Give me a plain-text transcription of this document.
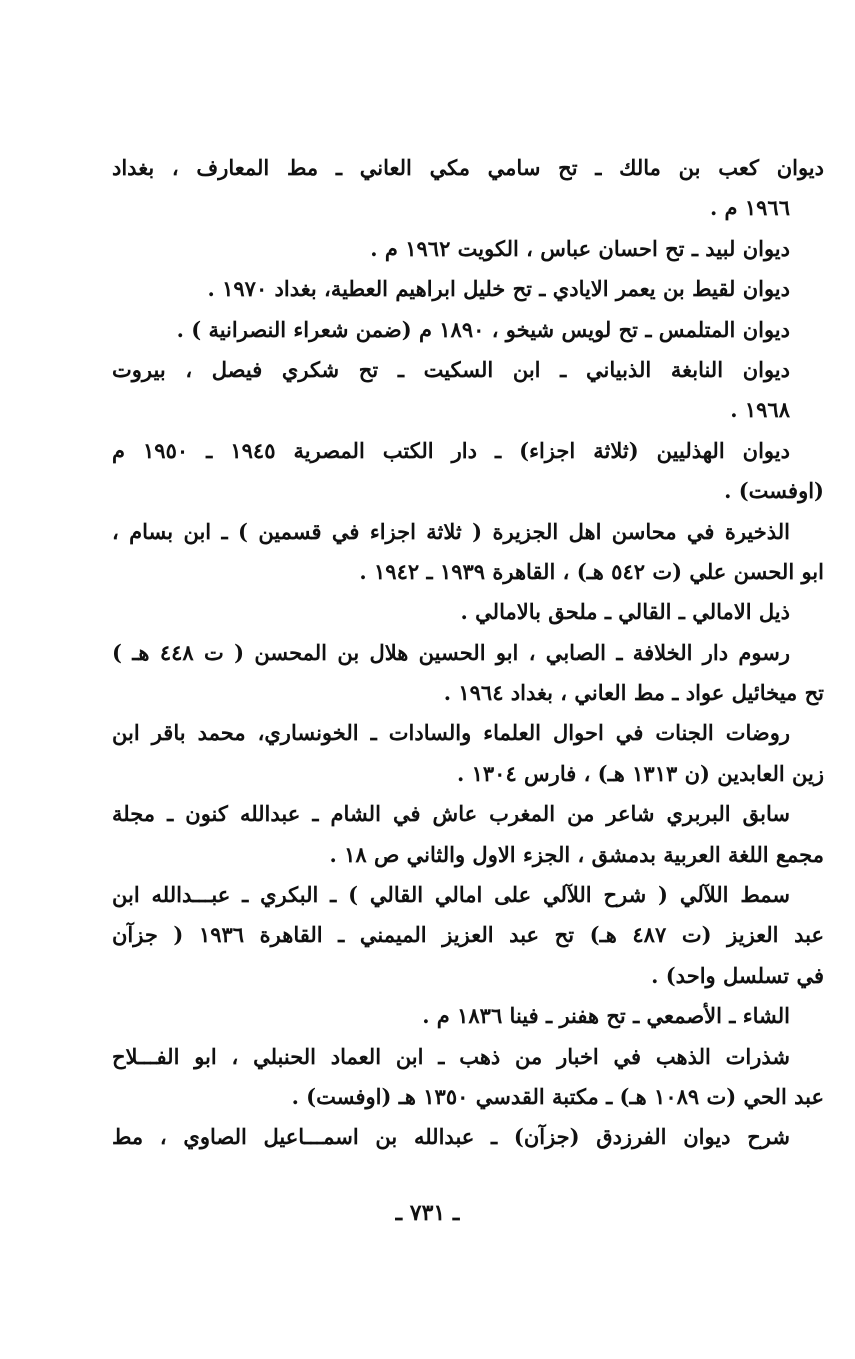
ديوان كعب بن مالك ـ تح سامي مكي العاني ـ مط المعارف ، بغداد
١٩٦٦ م .
ديوان لبيد ـ تح احسان عباس ، الكويت ١٩٦٢ م .
ديوان لقيط بن يعمر الايادي ـ تح خليل ابراهيم العطية، بغداد ١٩٧٠ .
ديوان المتلمس ـ تح لويس شيخو ، ١٨٩٠ م (ضمن شعراء النصرانية ) .
ديوان النابغة الذبياني ـ ابن السكيت ـ تح شكري فيصل ، بيروت
١٩٦٨ .
ديوان الهذليين (ثلاثة اجزاء) ـ دار الكتب المصرية ١٩٤٥ ـ ١٩٥٠ م
(اوفست) .
الذخيرة في محاسن اهل الجزيرة ( ثلاثة اجزاء في قسمين ) ـ ابن بسام ،
ابو الحسن علي (ت ٥٤٢ هـ) ، القاهرة ١٩٣٩ ـ ١٩٤٢ .
ذيل الامالي ـ القالي ـ ملحق بالامالي .
رسوم دار الخلافة ـ الصابي ، ابو الحسين هلال بن المحسن ( ت ٤٤٨ هـ )
تح ميخائيل عواد ـ مط العاني ، بغداد ١٩٦٤ .
روضات الجنات في احوال العلماء والسادات ـ الخونساري، محمد باقر ابن
زين العابدين (ن ١٣١٣ هـ) ، فارس ١٣٠٤ .
سابق البربري شاعر من المغرب عاش في الشام ـ عبدالله كنون ـ مجلة
مجمع اللغة العربية بدمشق ، الجزء الاول والثاني ص ١٨ .
سمط اللآلي ( شرح اللآلي على امالي القالي ) ـ البكري ـ عبـــدالله ابن
عبد العزيز (ت ٤٨٧ هـ) تح عبد العزيز الميمني ـ القاهرة ١٩٣٦ ( جزآن
في تسلسل واحد) .
الشاء ـ الأصمعي ـ تح هفنر ـ فينا ١٨٣٦ م .
شذرات الذهب في اخبار من ذهب ـ ابن العماد الحنبلي ، ابو الفـــلاح
عبد الحي (ت ١٠٨٩ هـ) ـ مكتبة القدسي ١٣٥٠ هـ (اوفست) .
شرح ديوان الفرزدق (جزآن) ـ عبدالله بن اسمـــاعيل الصاوي ، مط
ـ ٧٣١ ـ
